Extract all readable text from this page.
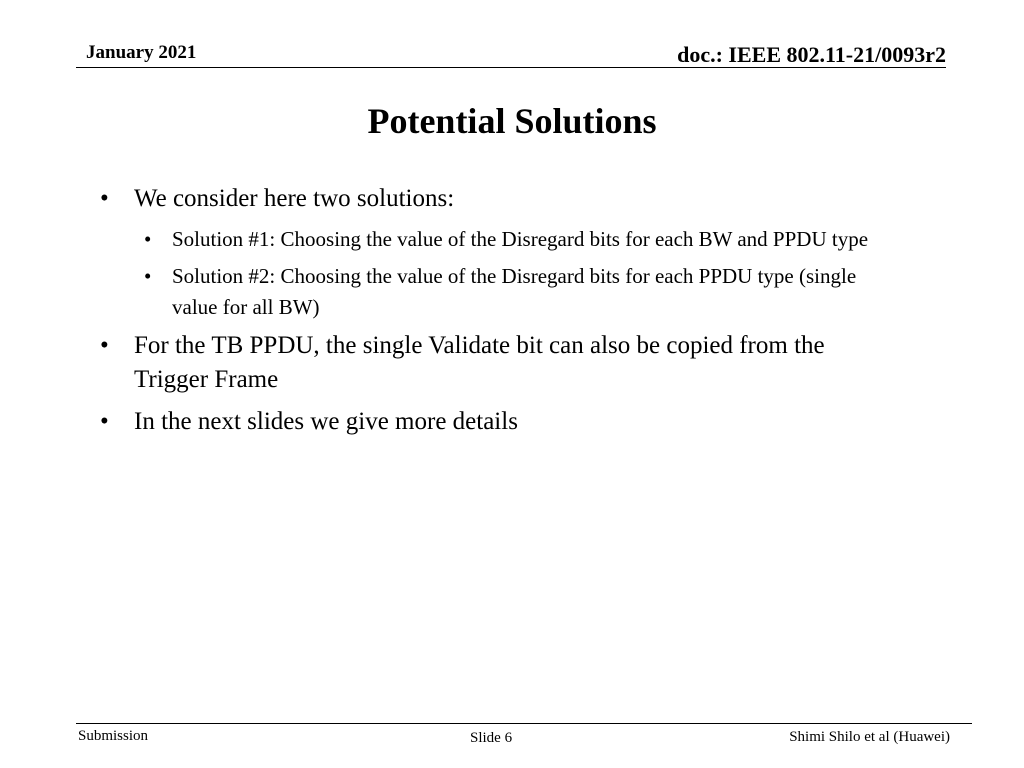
January 2021	doc.: IEEE 802.11-21/0093r2
Potential Solutions
• We consider here two solutions:
• Solution #1: Choosing the value of the Disregard bits for each BW and PPDU type
• Solution #2: Choosing the value of the Disregard bits for each PPDU type (single value for all BW)
• For the TB PPDU, the single Validate bit can also be copied from the Trigger Frame
• In the next slides we give more details
Submission	Slide 6	Shimi Shilo et al (Huawei)
